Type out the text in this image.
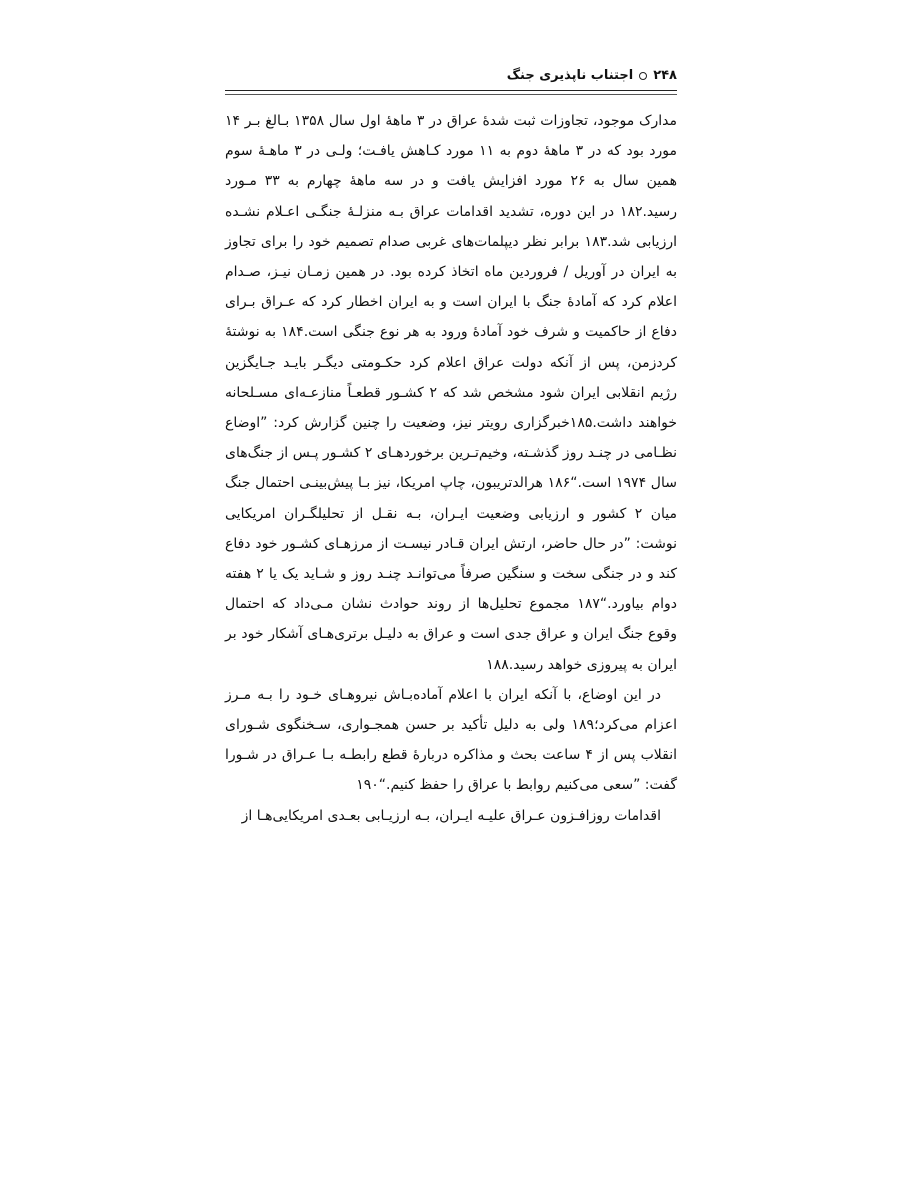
۲۴۸اجتناب ناپذیری جنگ

مدارک موجود، تجاوزات ثبت شدهٔ عراق در ۳ ماههٔ اول سال ۱۳۵۸ بـالغ بـر ۱۴ مورد بود که در ۳ ماههٔ دوم به ۱۱ مورد کـاهش یافـت؛ ولـی در ۳ ماهـهٔ سوم همین سال به ۲۶ مورد افزایش یافت و در سه ماههٔ چهارم به ۳۳ مـورد رسید.۱۸۲ در این دوره، تشدید اقدامات عراق بـه منزلـهٔ جنگـی اعـلام نشـده ارزیابی شد.۱۸۳ برابر نظر دیپلمات‌های غربی صدام تصمیم خود را برای تجاوز به ایران در آوریل / فروردین ماه اتخاذ کرده بود. در همین زمـان نیـز، صـدام اعلام کرد که آمادهٔ جنگ با ایران است و به ایران اخطار کرد که عـراق بـرای دفاع از حاکمیت و شرف خود آمادهٔ ورود به هر نوع جنگی است.۱۸۴ به نوشتهٔ کردزمن، پس از آنکه دولت عراق اعلام کرد حکـومتی دیگـر بایـد جـایگزین رژیم انقلابی ایران شود مشخص شد که ۲ کشـور قطعـاً منازعـه‌ای مسـلحانه خواهند داشت.۱۸۵خبرگزاری رویتر نیز، وضعیت را چنین گزارش کرد: ”اوضاع نظـامی در چنـد روز گذشـته، وخیم‌تـرین برخوردهـای ۲ کشـور پـس از جنگ‌های سال ۱۹۷۴ است.“۱۸۶ هرالدتریبون، چاپ امریکا، نیز بـا پیش‌بینـی احتمال جنگ میان ۲ کشور و ارزیابی وضعیت ایـران، بـه نقـل از تحلیلگـران امریکایی نوشت: ”در حال حاضر، ارتش ایران قـادر نیسـت از مرزهـای کشـور خود دفاع کند و در جنگی سخت و سنگین صرفاً می‌توانـد چنـد روز و شـاید یک یا ۲ هفته دوام بیاورد.“۱۸۷ مجموع تحلیل‌ها از روند حوادث نشان مـی‌داد که احتمال وقوع جنگ ایران و عراق جدی است و عراق به دلیـل برتری‌هـای آشکار خود بر ایران به پیروزی خواهد رسید.۱۸۸

در این اوضاع، با آنکه ایران با اعلام آماده‌بـاش نیروهـای خـود را بـه مـرز اعزام می‌کرد؛۱۸۹ ولی به دلیل تأکید بر حسن همجـواری، سـخنگوی شـورای انقلاب پس از ۴ ساعت بحث و مذاکره دربارهٔ قطع رابطـه بـا عـراق در شـورا گفت: ”سعی می‌کنیم روابط با عراق را حفظ کنیم.“۱۹۰

اقدامات روزافـزون عـراق علیـه ایـران، بـه ارزیـابی بعـدی امریکایی‌هـا از
